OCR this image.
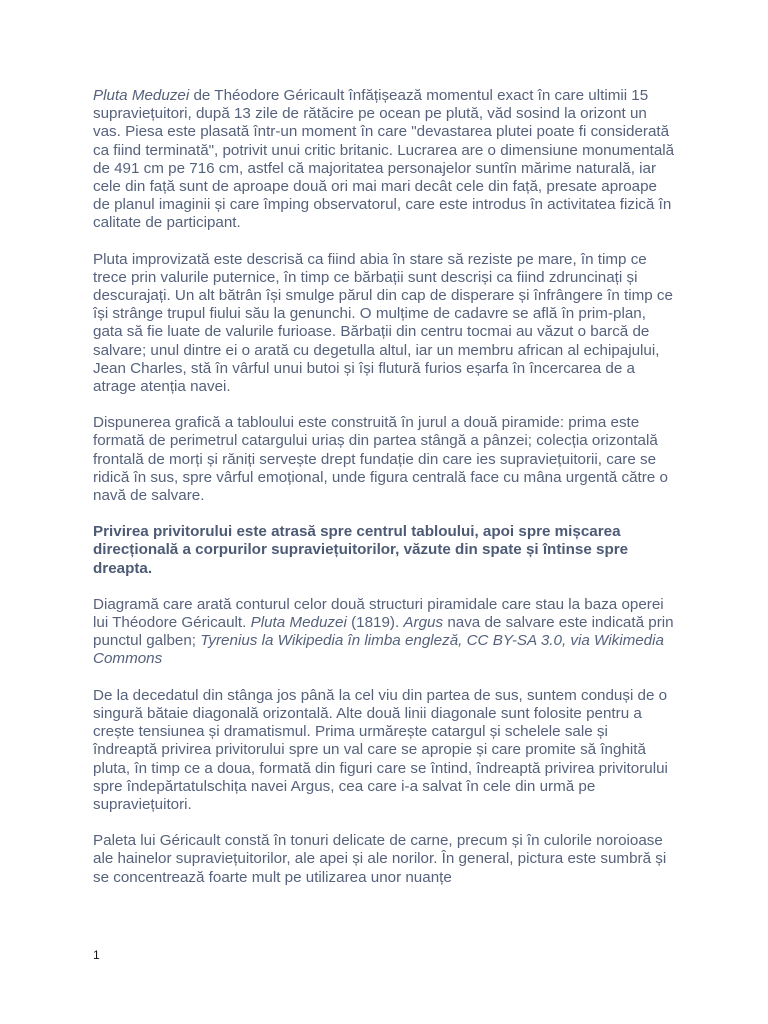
Pluta Meduzei de Théodore Géricault înfățișează momentul exact în care ultimii 15 supraviețuitori, după 13 zile de rătăcire pe ocean pe plută, văd sosind la orizont un vas. Piesa este plasată într-un moment în care "devastarea plutei poate fi considerată ca fiind terminată", potrivit unui critic britanic. Lucrarea are o dimensiune monumentală de 491 cm pe 716 cm, astfel că majoritatea personajelor suntîn mărime naturală, iar cele din față sunt de aproape două ori mai mari decât cele din față, presate aproape de planul imaginii și care împing observatorul, care este introdus în activitatea fizică în calitate de participant.

Pluta improvizată este descrisă ca fiind abia în stare să reziste pe mare, în timp ce trece prin valurile puternice, în timp ce bărbații sunt descriși ca fiind zdruncinați și descurajați. Un alt bătrân își smulge părul din cap de disperare și înfrângere în timp ce își strânge trupul fiului său la genunchi. O mulțime de cadavre se află în prim-plan, gata să fie luate de valurile furioase. Bărbații din centru tocmai au văzut o barcă de salvare; unul dintre ei o arată cu degetulla altul, iar un membru african al echipajului, Jean Charles, stă în vârful unui butoi și își flutură furios eșarfa în încercarea de a atrage atenția navei.

Dispunerea grafică a tabloului este construită în jurul a două piramide: prima este formată de perimetrul catargului uriaș din partea stângă a pânzei; colecția orizontală frontală de morți și răniți servește drept fundație din care ies supraviețuitorii, care se ridică în sus, spre vârful emoțional, unde figura centrală face cu mâna urgentă către o navă de salvare.

Privirea privitorului este atrasă spre centrul tabloului, apoi spre mișcarea direcțională a corpurilor supraviețuitorilor, văzute din spate și întinse spre dreapta.

Diagramă care arată conturul celor două structuri piramidale care stau la baza operei lui Théodore Géricault. Pluta Meduzei (1819). Argus nava de salvare este indicată prin punctul galben; Tyrenius la Wikipedia în limba engleză, CC BY-SA 3.0, via Wikimedia Commons

De la decedatul din stânga jos până la cel viu din partea de sus, suntem conduși de o singură bătaie diagonală orizontală. Alte două linii diagonale sunt folosite pentru a crește tensiunea și dramatismul. Prima urmărește catargul și schelele sale și îndreaptă privirea privitorului spre un val care se apropie și care promite să înghită pluta, în timp ce a doua, formată din figuri care se întind, îndreaptă privirea privitorului spre îndepărtatulschița navei Argus, cea care i-a salvat în cele din urmă pe supraviețuitori.

Paleta lui Géricault constă în tonuri delicate de carne, precum și în culorile noroioase ale hainelor supraviețuitorilor, ale apei și ale norilor. În general, pictura este sumbră și se concentrează foarte mult pe utilizarea unor nuanțe

1
